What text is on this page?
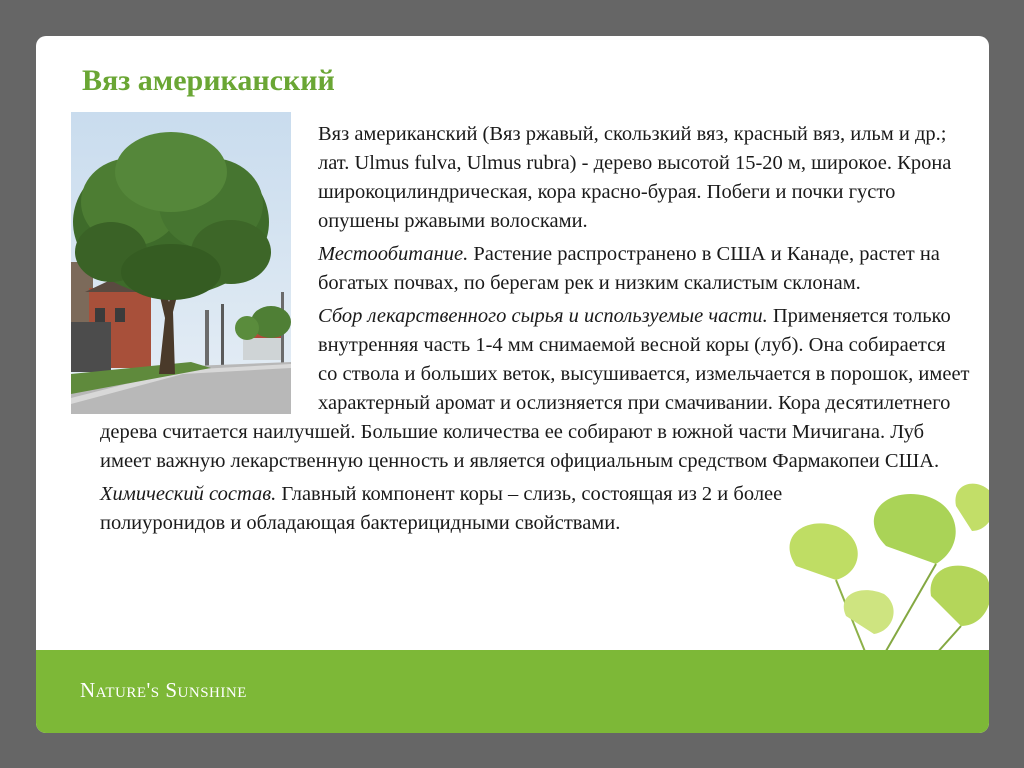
Вяз американский

Вяз американский (Вяз ржавый, скользкий вяз, красный вяз, ильм и др.; лат. Ulmus fulva, Ulmus rubra) - дерево высотой 15-20 м, широкое. Крона широкоцилиндрическая, кора красно-бурая. Побеги и почки густо опушены ржавыми волосками.

Местообитание. Растение распространено в США и Канаде, растет на богатых почвах, по берегам рек и низким скалистым склонам.

Сбор лекарственного сырья и используемые части. Применяется только внутренняя часть 1-4 мм снимаемой весной коры (луб). Она собирается со ствола и больших веток, высушивается, измельчается в порошок, имеет характерный аромат и ослизняется при смачивании. Кора десятилетнего дерева считается наилучшей. Большие количества ее собирают в южной части Мичигана. Луб имеет важную лекарственную ценность и является официальным средством Фармакопеи США.

Химический состав. Главный компонент коры – слизь, состоящая из 2 и более полиуронидов и обладающая бактерицидными свойствами.

Nature's Sunshine
